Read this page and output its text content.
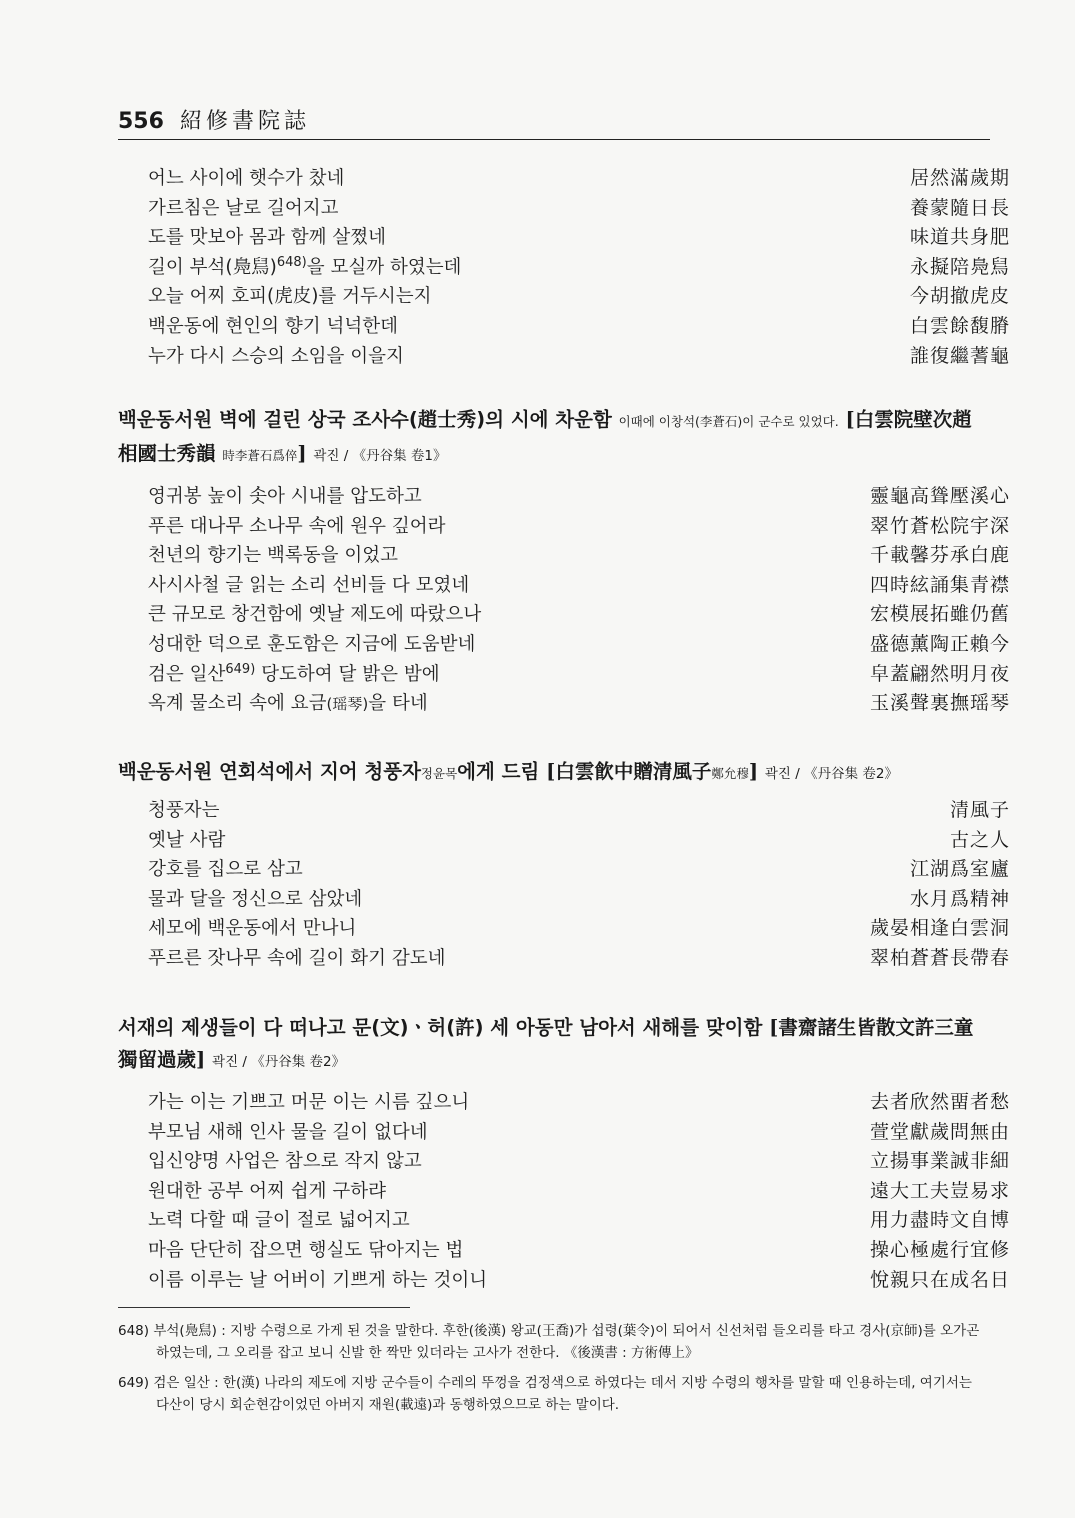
556 紹修書院誌
어느 사이에 햇수가 찼네	居然滿歲期
가르침은 날로 길어지고	養蒙隨日長
도를 맛보아 몸과 함께 살쪘네	味道共身肥
길이 부석(鳧舃)$^{648)}$을 모실까 하였는데	永擬陪鳧舃
오늘 어찌 호피(虎皮)를 거두시는지	今胡撤虎皮
백운동에 현인의 향기 넉넉한데	白雲餘馥膌
누가 다시 스승의 소임을 이을지	誰復繼蓍龜
백운동서원 벽에 걸린 상국 조사수(趙士秀)의 시에 차운함 이때에 이창석(李蒼石)이 군수로 있었다. [白雲院壁次趙
相國士秀韻 時李蒼石爲倅] 곽진 / 《丹谷集 卷1》
영귀봉 높이 솟아 시내를 압도하고	靈龜高聳壓溪心
푸른 대나무 소나무 속에 원우 깊어라	翠竹蒼松院宇深
천년의 향기는 백록동을 이었고	千載馨芬承白鹿
사시사철 글 읽는 소리 선비들 다 모였네	四時絃誦集青襟
큰 규모로 창건함에 옛날 제도에 따랐으나	宏模展拓雖仍舊
성대한 덕으로 훈도함은 지금에 도움받네	盛德薰陶正賴今
검은 일산$^{649)}$ 당도하여 달 밝은 밤에	皁蓋翩然明月夜
옥계 물소리 속에 요금(瑶琴)을 타네	玉溪聲裏撫瑶琴
백운동서원 연회석에서 지어 청풍자정윤목에게 드림 [白雲飮中贈清風子鄭允穆] 곽진 / 《丹谷集 卷2》
청풍자는	清風子
옛날 사람	古之人
강호를 집으로 삼고	江湖爲室廬
물과 달을 정신으로 삼았네	水月爲精神
세모에 백운동에서 만나니	歲晏相逢白雲洞
푸르른 잣나무 속에 길이 화기 감도네	翠柏蒼蒼長帶春
서재의 제생들이 다 떠나고 문(文)ㆍ허(許) 세 아동만 남아서 새해를 맞이함 [書齋諸生皆散文許三童
獨留過歲] 곽진 / 《丹谷集 卷2》
가는 이는 기쁘고 머문 이는 시름 깊으니	去者欣然畱者愁
부모님 새해 인사 물을 길이 없다네	萱堂獻歲問無由
입신양명 사업은 참으로 작지 않고	立揚事業誠非細
원대한 공부 어찌 쉽게 구하랴	遠大工夫豈易求
노력 다할 때 글이 절로 넓어지고	用力盡時文自博
마음 단단히 잡으면 행실도 닦아지는 법	操心極處行宜修
이름 이루는 날 어버이 기쁘게 하는 것이니	悅親只在成名日

648) 부석(鳧舃) : 지방 수령으로 가게 된 것을 말한다. 후한(後漢) 왕교(王喬)가 섭령(葉令)이 되어서 신선처럼 들오리를 타고 경사(京師)를 오가곤 하였는데, 그 오리를 잡고 보니 신발 한 짝만 있더라는 고사가 전한다. 《後漢書 : 方術傳上》

649) 검은 일산 : 한(漢) 나라의 제도에 지방 군수들이 수레의 뚜껑을 검정색으로 하였다는 데서 지방 수령의 행차를 말할 때 인용하는데, 여기서는 다산이 당시 회순현감이었던 아버지 재원(載遠)과 동행하였으므로 하는 말이다.
